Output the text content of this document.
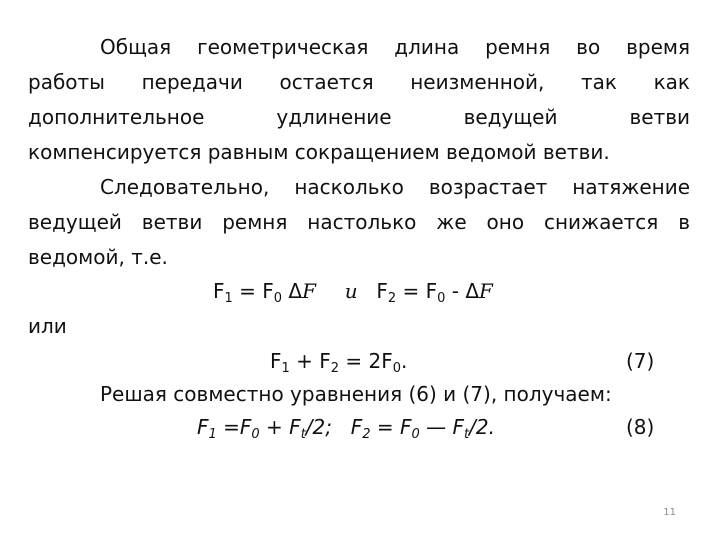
Общая геометрическая длина ремня во время
работы передачи остается неизменной, так как
дополнительное удлинение ведущей ветви
компенсируется равным сокращением ведомой ветви.
Следовательно, насколько возрастает натяжение
ведущей ветви ремня настолько же оно снижается в
ведомой, т.е.
$F_1 = F_0$ ΔF и $F_2 = F_0 - \Delta F$
или
$F_1 + F_2 = 2F_0$.	(7)
Решая совместно уравнения (6) и (7), получаем:
$F_1 =F_0 + F_t/2$; $F_2 = F_0$ — $F_t/2$.	(8)
11
